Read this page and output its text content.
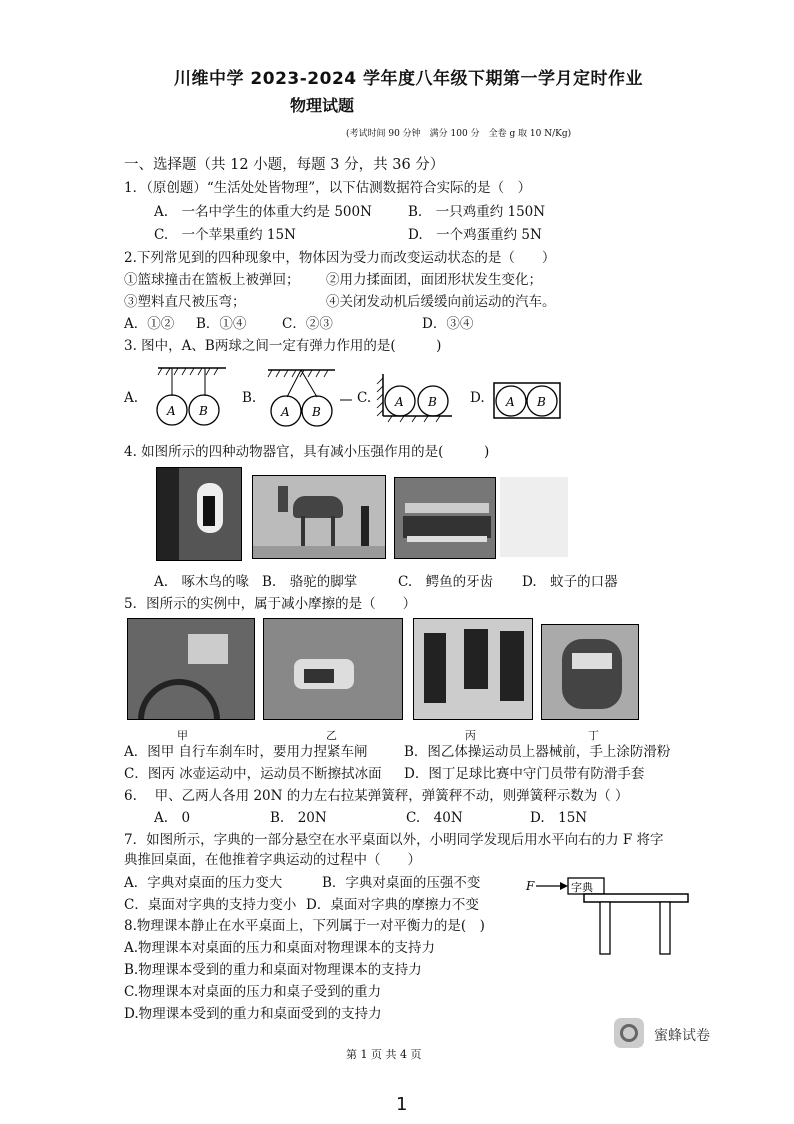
川维中学 2023-2024 学年度八年级下期第一学月定时作业
物理试题
(考试时间 90 分钟　满分 100 分　全卷 g 取 10 N/Kg)
一、选择题（共 12 小题，每题 3 分，共 36 分）
1．（原创题）“生活处处皆物理”，以下估测数据符合实际的是（　）
A.　一名中学生的体重大约是 500N	B.　一只鸡重约 150N
C.　一个苹果重约 15N	D.　一个鸡蛋重约 5N
2.下列常见到的四种现象中，物体因为受力而改变运动状态的是（　　）
①篮球撞击在篮板上被弹回； ②用力揉面团，面团形状发生变化；
③塑料直尺被压弯；	④关闭发动机后缓缓向前运动的汽车。
A．①② B．①④	C．②③	D．③④
3. 图中，A、B两球之间一定有弹力作用的是(　　　)
A.	B.	C.	D.
A B	A B
A B	A B
4. 如图所示的四种动物器官，具有减小压强作用的是(　　　)
A.　啄木鸟的喙 B.　骆驼的脚掌	C.　鳄鱼的牙齿 D.　蚊子的口器
5．图所示的实例中，属于减小摩擦的是（　　）
甲	乙	丙	丁
A．图甲 自行车刹车时，要用力捏紧车闸	B．图乙体操运动员上器械前，手上涂防滑粉
C．图丙 冰壶运动中，运动员不断擦拭冰面 D．图丁足球比赛中守门员带有防滑手套
6.　 甲、乙两人各用 20N 的力左右拉某弹簧秤，弹簧秤不动，则弹簧秤示数为（ ）
A.　0	B.　20N	C.　40N	D.　15N
7．如图所示，字典的一部分悬空在水平桌面以外，小明同学发现后用水平向右的力 F 将字
典推回桌面，在他推着字典运动的过程中（　　）
A．字典对桌面的压力变大	B．字典对桌面的压强不变
C．桌面对字典的支持力变小 D．桌面对字典的摩擦力不变
F	字典
8.物理课本静止在水平桌面上，下列属于一对平衡力的是(　)
A.物理课本对桌面的压力和桌面对物理课本的支持力
B.物理课本受到的重力和桌面对物理课本的支持力
C.物理课本对桌面的压力和桌子受到的重力
D.物理课本受到的重力和桌面受到的支持力
蜜蜂试卷
第 1 页 共 4 页
1
